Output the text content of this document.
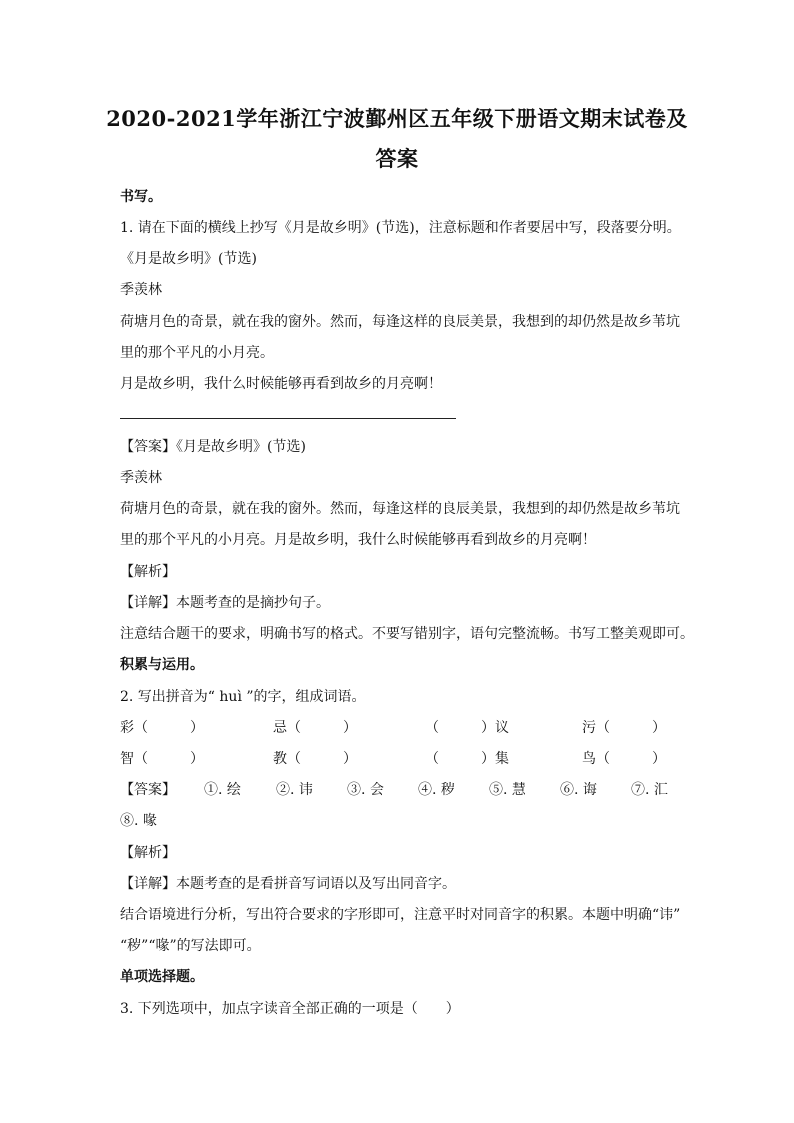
2020-2021学年浙江宁波鄞州区五年级下册语文期末试卷及
答案
书写。
1. 请在下面的横线上抄写《月是故乡明》(节选)，注意标题和作者要居中写，段落要分明。
《月是故乡明》(节选)
季羡林
荷塘月色的奇景，就在我的窗外。然而，每逢这样的良辰美景，我想到的却仍然是故乡苇坑
里的那个平凡的小月亮。
月是故乡明，我什么时候能够再看到故乡的月亮啊！
【答案】《月是故乡明》(节选)
季羡林
荷塘月色的奇景，就在我的窗外。然而，每逢这样的良辰美景，我想到的却仍然是故乡苇坑
里的那个平凡的小月亮。月是故乡明，我什么时候能够再看到故乡的月亮啊！
【解析】
【详解】本题考查的是摘抄句子。
注意结合题干的要求，明确书写的格式。不要写错别字，语句完整流畅。书写工整美观即可。
积累与运用。
2. 写出拼音为“ huì ”的字，组成词语。
彩（　　　）	忌（　　　）	（　　　）议	污（　　　）
智（　　　）	教（　　　）	（　　　）集	鸟（　　　）
【答案】 ①. 绘	②. 讳 ③. 会 ④. 秽 ⑤. 慧 ⑥. 诲 ⑦. 汇
⑧. 喙
【解析】
【详解】本题考查的是看拼音写词语以及写出同音字。
结合语境进行分析，写出符合要求的字形即可，注意平时对同音字的积累。本题中明确“讳”
“秽”“喙”的写法即可。
单项选择题。
3. 下列选项中，加点字读音全部正确的一项是（　　）
